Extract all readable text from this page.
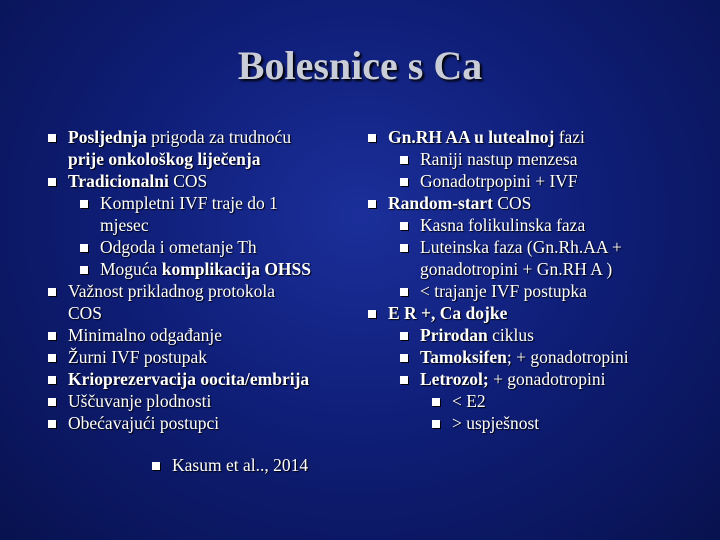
Bolesnice s Ca
Posljednja prigoda za trudnoću
prije onkološkog liječenja
Tradicionalni COS
Kompletni IVF traje do 1
mjesec
Odgoda i ometanje Th
Moguća komplikacija OHSS
Važnost prikladnog protokola
COS
Minimalno odgađanje
Žurni IVF postupak
Krioprezervacija oocita/embrija
Uščuvanje plodnosti
Obećavajući postupci
Kasum et al.., 2014
Gn.RH AA u lutealnoj fazi
Raniji nastup menzesa
Gonadotrpopini + IVF
Random-start COS
Kasna folikulinska faza
Luteinska faza (Gn.Rh.AA +
gonadotropini + Gn.RH A )
< trajanje IVF postupka
E R +, Ca dojke
Prirodan ciklus
Tamoksifen; + gonadotropini
Letrozol; + gonadotropini
< E2
> uspješnost
